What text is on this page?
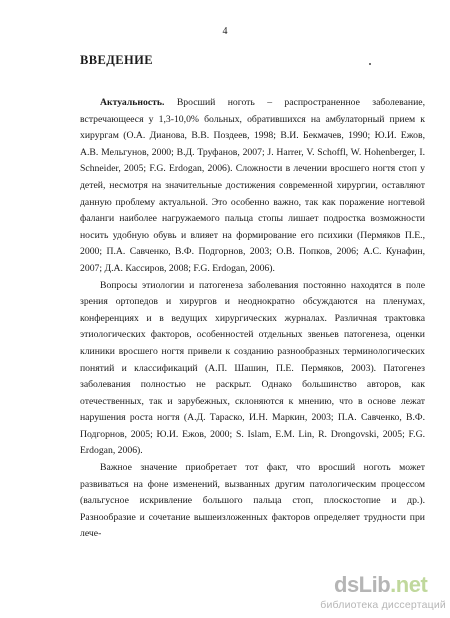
4
ВВЕДЕНИЕ

Актуальность. Вросший ноготь – распространенное заболевание, встречающееся у 1,3-10,0% больных, обратившихся на амбулаторный прием к хирургам (О.А. Дианова, В.В. Поздеев, 1998; В.И. Бекмачев, 1990; Ю.И. Ежов, А.В. Мельгунов, 2000; В.Д. Труфанов, 2007; J. Harrer, V. Schoffl, W. Hohenberger, I. Schneider, 2005; F.G. Erdogan, 2006). Сложности в лечении вросшего ногтя стоп у детей, несмотря на значительные достижения современной хирургии, оставляют данную проблему актуальной. Это особенно важно, так как поражение ногтевой фаланги наиболее нагружаемого пальца стопы лишает подростка возможности носить удобную обувь и влияет на формирование его психики (Пермяков П.Е., 2000; П.А. Савченко, В.Ф. Подгорнов, 2003; О.В. Попков, 2006; А.С. Кунафин, 2007; Д.А. Кассиров, 2008; F.G. Erdogan, 2006).

Вопросы этиологии и патогенеза заболевания постоянно находятся в поле зрения ортопедов и хирургов и неоднократно обсуждаются на пленумах, конференциях и в ведущих хирургических журналах. Различная трактовка этиологических факторов, особенностей отдельных звеньев патогенеза, оценки клиники вросшего ногтя привели к созданию разнообразных терминологических понятий и классификаций (А.П. Шашин, П.Е. Пермяков, 2003). Патогенез заболевания полностью не раскрыт. Однако большинство авторов, как отечественных, так и зарубежных, склоняются к мнению, что в основе лежат нарушения роста ногтя (А.Д. Тараско, И.Н. Маркин, 2003; П.А. Савченко, В.Ф. Подгорнов, 2005; Ю.И. Ежов, 2000; S. Islam, E.M. Lin, R. Drongovski, 2005; F.G. Erdogan, 2006).

Важное значение приобретает тот факт, что вросший ноготь может развиваться на фоне изменений, вызванных другим патологическим процессом (вальгусное искривление большого пальца стоп, плоскостопие и др.). Разнообразие и сочетание вышеизложенных факторов определяет трудности при лече-

dsLib.net
библиотека диссертаций
